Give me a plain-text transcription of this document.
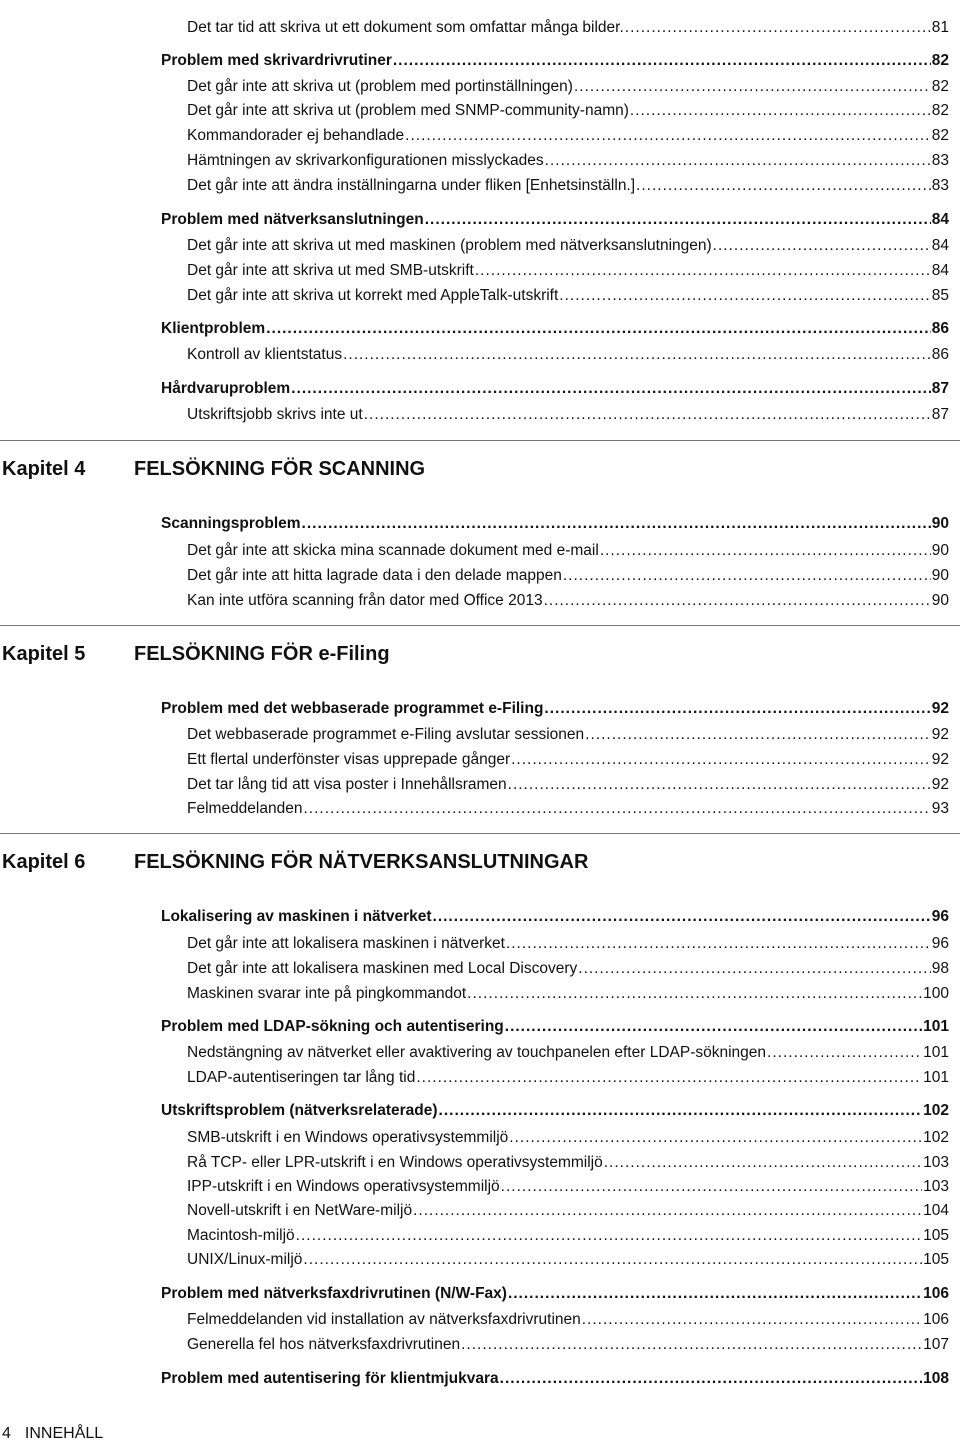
Det tar tid att skriva ut ett dokument som omfattar många bilder. .....	81
Problem med skrivardrivrutiner .....	82
Det går inte att skriva ut (problem med portinställningen) .....	82
Det går inte att skriva ut (problem med SNMP-community-namn) .....	82
Kommandorader ej behandlade .....	82
Hämtningen av skrivarkonfigurationen misslyckades .....	83
Det går inte att ändra inställningarna under fliken [Enhetsinställn.] .....	83
Problem med nätverksanslutningen .....	84
Det går inte att skriva ut med maskinen (problem med nätverksanslutningen) .....	84
Det går inte att skriva ut med SMB-utskrift .....	84
Det går inte att skriva ut korrekt med AppleTalk-utskrift .....	85
Klientproblem .....	86
Kontroll av klientstatus .....	86
Hårdvaruproblem .....	87
Utskriftsjobb skrivs inte ut .....	87
Kapitel 4 FELSÖKNING FÖR SCANNING
Scanningsproblem .....	90
Det går inte att skicka mina scannade dokument med e-mail .....	90
Det går inte att hitta lagrade data i den delade mappen .....	90
Kan inte utföra scanning från dator med Office 2013 .....	90
Kapitel 5 FELSÖKNING FÖR e-Filing
Problem med det webbaserade programmet e-Filing .....	92
Det webbaserade programmet e-Filing avslutar sessionen .....	92
Ett flertal underfönster visas upprepade gånger .....	92
Det tar lång tid att visa poster i Innehållsramen .....	92
Felmeddelanden .....	93
Kapitel 6 FELSÖKNING FÖR NÄTVERKSANSLUTNINGAR
Lokalisering av maskinen i nätverket .....	96
Det går inte att lokalisera maskinen i nätverket .....	96
Det går inte att lokalisera maskinen med Local Discovery .....	98
Maskinen svarar inte på pingkommandot .....	100
Problem med LDAP-sökning och autentisering .....	101
Nedstängning av nätverket eller avaktivering av touchpanelen efter LDAP-sökningen .....	101
LDAP-autentiseringen tar lång tid .....	101
Utskriftsproblem (nätverksrelaterade) .....	102
SMB-utskrift i en Windows operativsystemmiljö .....	102
Rå TCP- eller LPR-utskrift i en Windows operativsystemmiljö .....	103
IPP-utskrift i en Windows operativsystemmiljö .....	103
Novell-utskrift i en NetWare-miljö .....	104
Macintosh-miljö .....	105
UNIX/Linux-miljö .....	105
Problem med nätverksfaxdrivrutinen (N/W-Fax) .....	106
Felmeddelanden vid installation av nätverksfaxdrivrutinen .....	106
Generella fel hos nätverksfaxdrivrutinen .....	107
Problem med autentisering för klientmjukvara .....	108
4 INNEHÅLL
